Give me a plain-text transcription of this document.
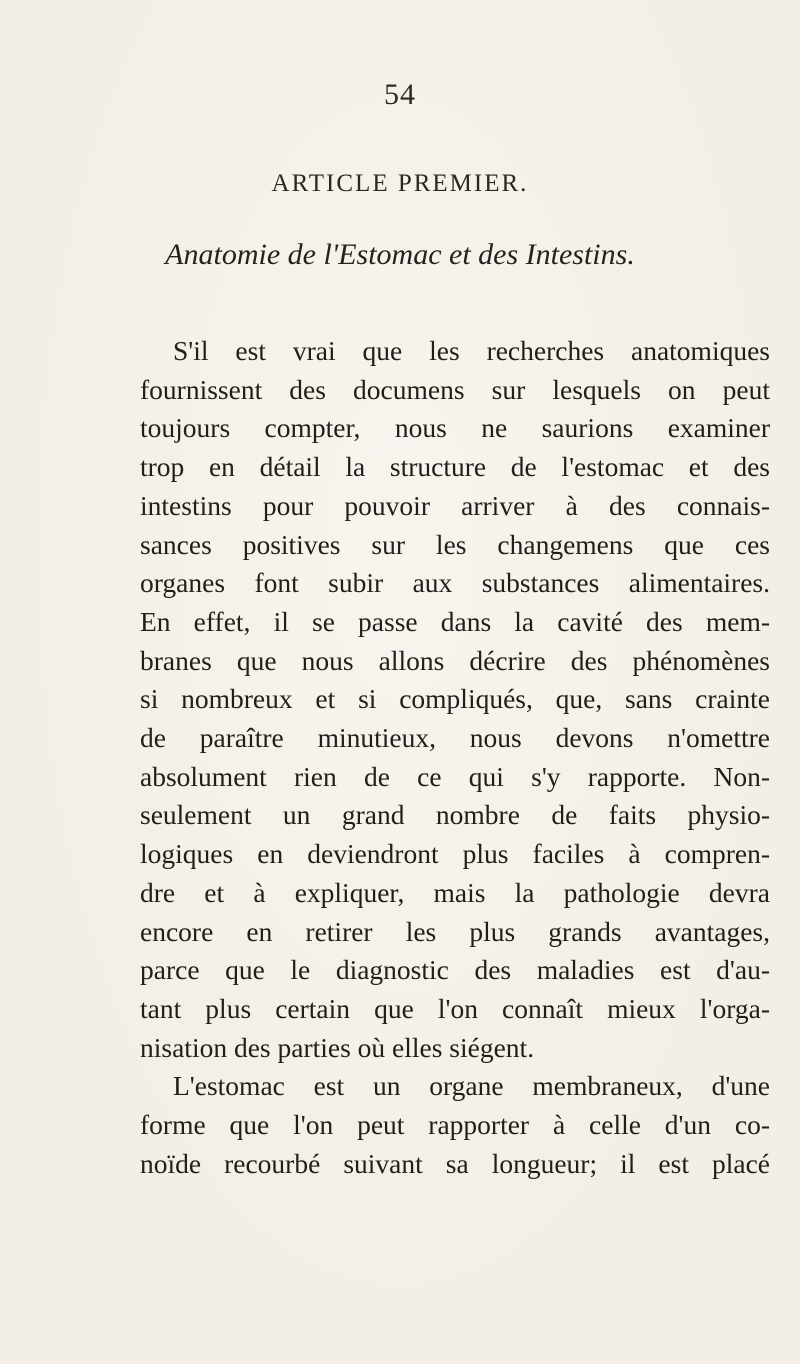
54
ARTICLE PREMIER.
Anatomie de l'Estomac et des Intestins.
S'il est vrai que les recherches anatomiques
fournissent des documens sur lesquels on peut
toujours compter, nous ne saurions examiner
trop en détail la structure de l'estomac et des
intestins pour pouvoir arriver à des connais-
sances positives sur les changemens que ces
organes font subir aux substances alimentaires.
En effet, il se passe dans la cavité des mem-
branes que nous allons décrire des phénomènes
si nombreux et si compliqués, que, sans crainte
de paraître minutieux, nous devons n'omettre
absolument rien de ce qui s'y rapporte. Non-
seulement un grand nombre de faits physio-
logiques en deviendront plus faciles à compren-
dre et à expliquer, mais la pathologie devra
encore en retirer les plus grands avantages,
parce que le diagnostic des maladies est d'au-
tant plus certain que l'on connaît mieux l'orga-
nisation des parties où elles siégent.
L'estomac est un organe membraneux, d'une
forme que l'on peut rapporter à celle d'un co-
noïde recourbé suivant sa longueur; il est placé
